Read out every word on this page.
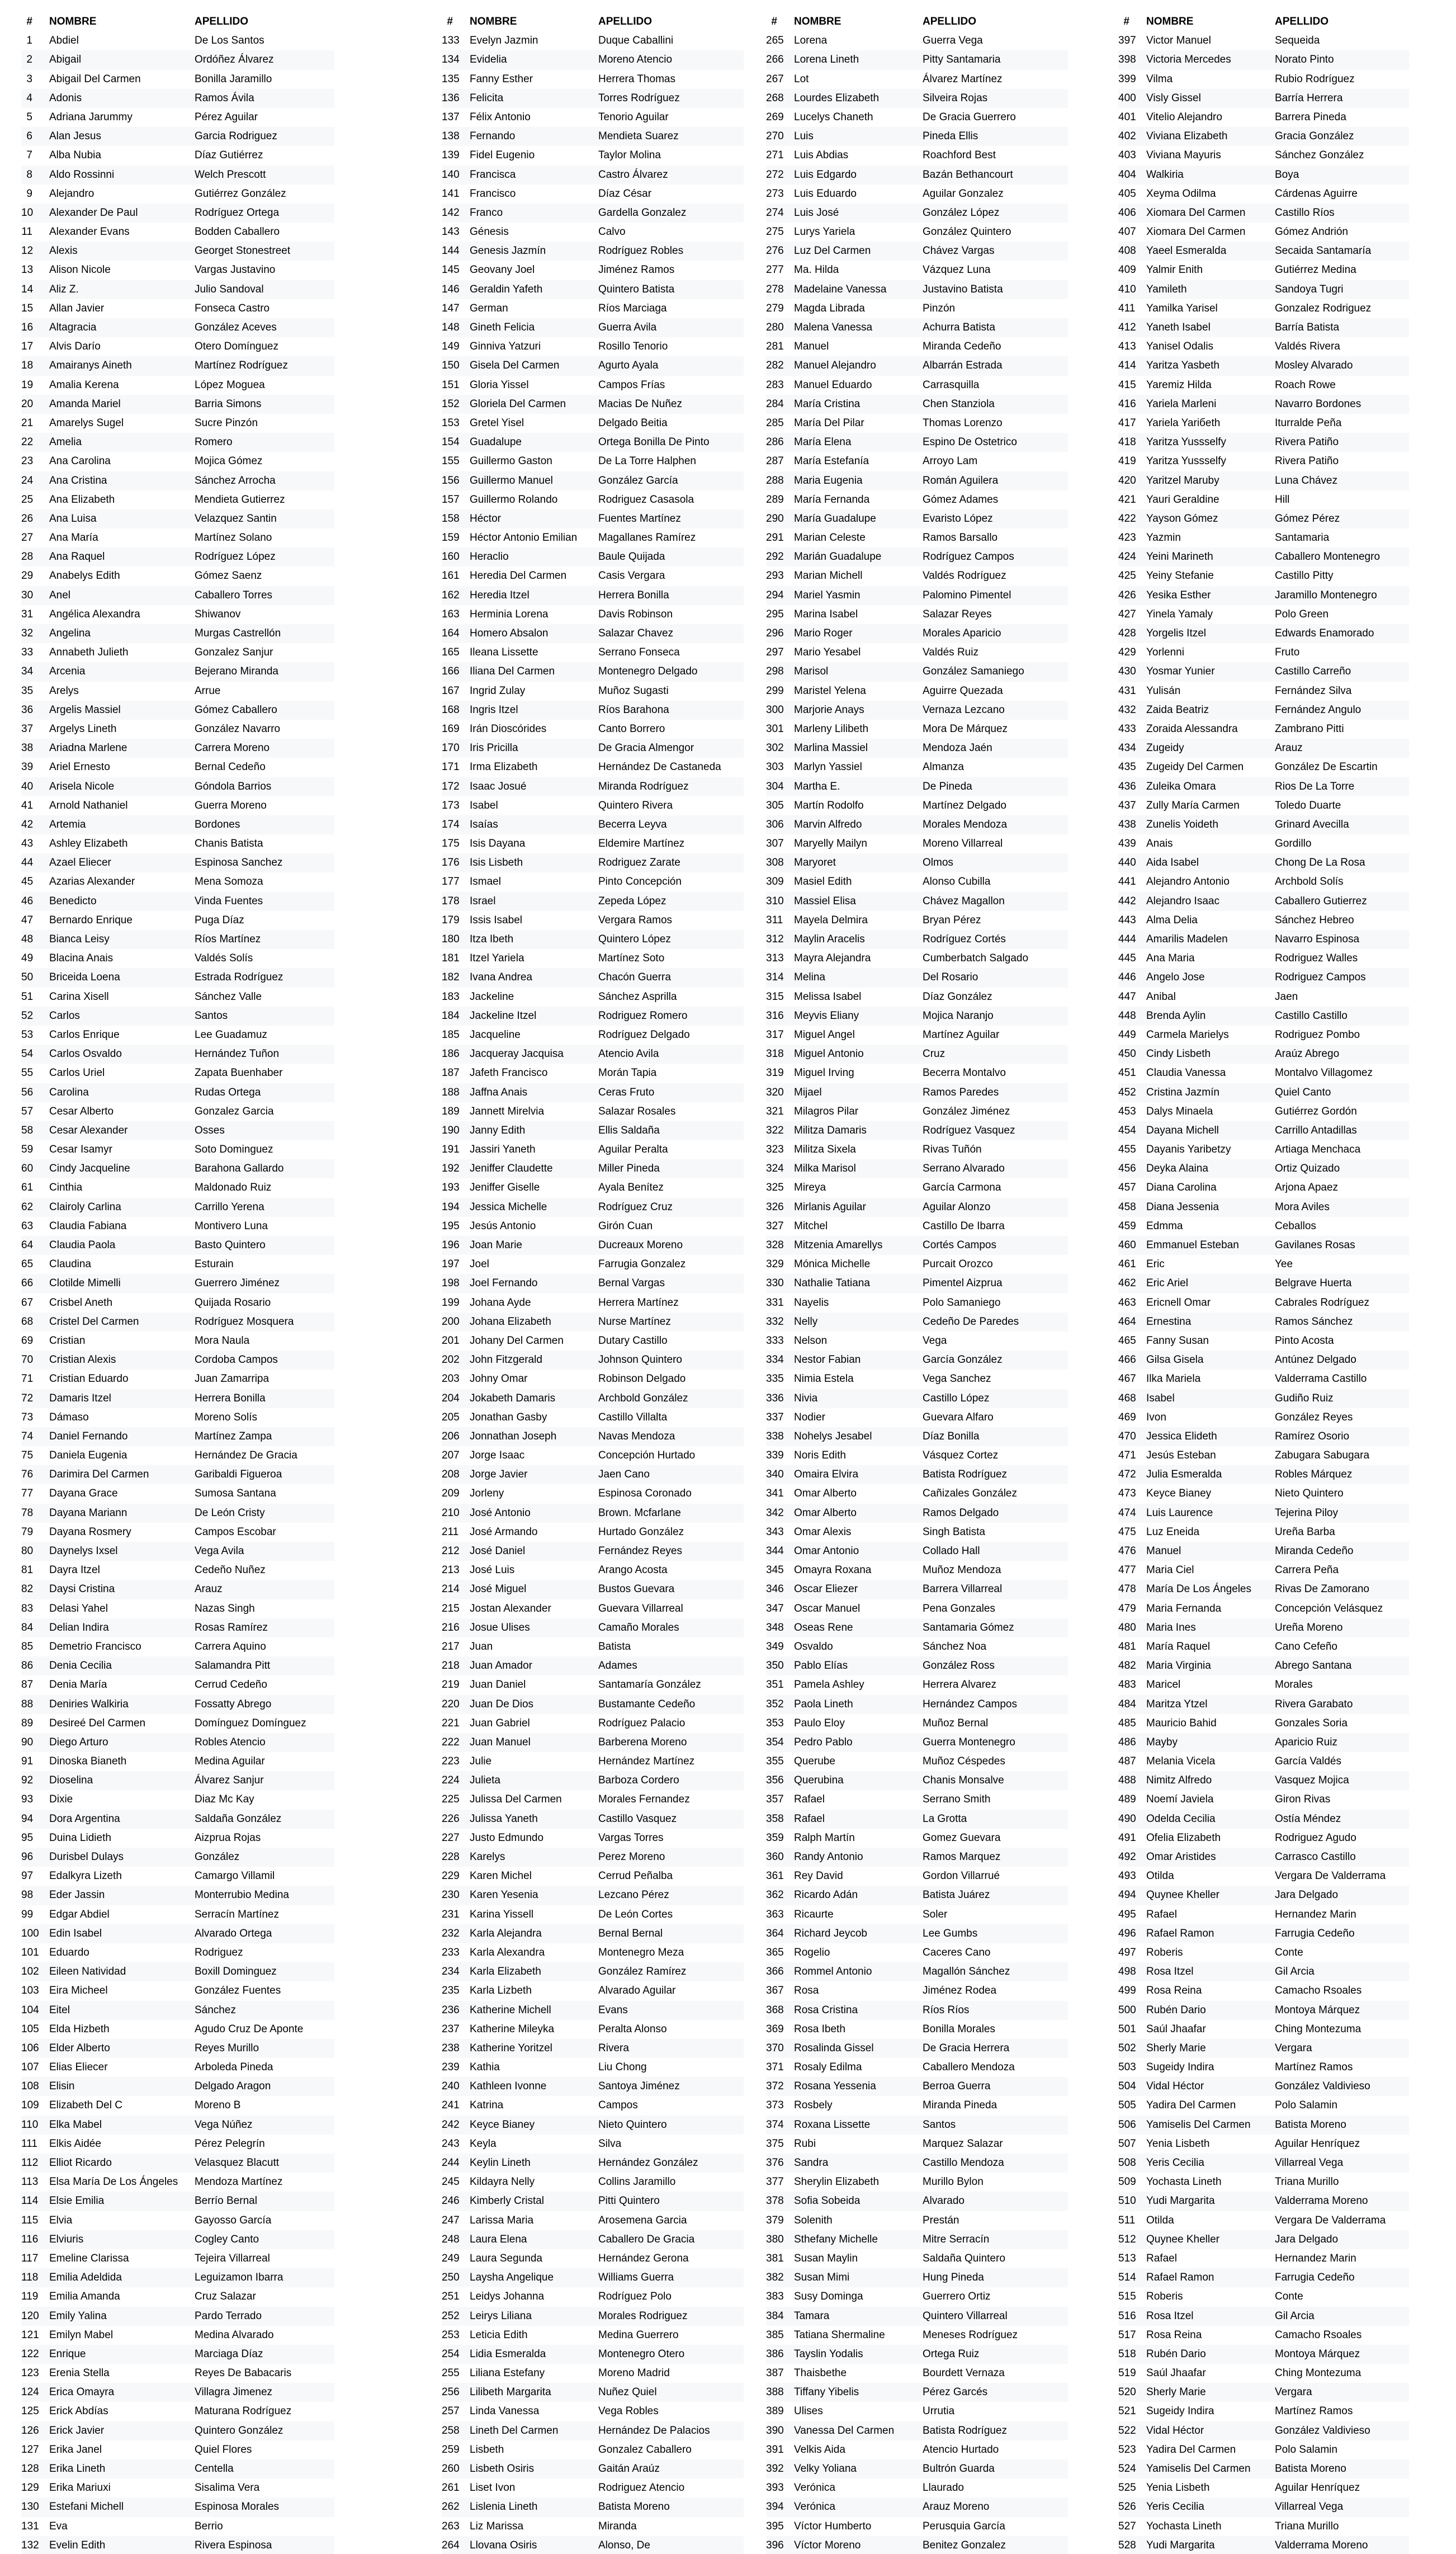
#	NOMBRE	APELLIDO
1	Abdiel	De Los Santos
2	Abigail	Ordóñez Álvarez
3	Abigail Del Carmen	Bonilla Jaramillo
4	Adonis	Ramos Ávila
5	Adriana Jarummy	Pérez Aguilar
6	Alan Jesus	Garcia Rodriguez
7	Alba Nubia	Díaz Gutiérrez
8	Aldo Rossinni	Welch Prescott
9	Alejandro	Gutiérrez González
10	Alexander De Paul	Rodríguez Ortega
11	Alexander Evans	Bodden Caballero
12	Alexis	Georget Stonestreet
13	Alison Nicole	Vargas Justavino
14	Aliz Z.	Julio Sandoval
15	Allan Javier	Fonseca Castro
16	Altagracia	González Aceves
17	Alvis Darío	Otero Domínguez
18	Amairanys Aineth	Martínez Rodríguez
19	Amalia Kerena	López Moguea
20	Amanda Mariel	Barria Simons
21	Amarelys Sugel	Sucre Pinzón
22	Amelia	Romero
23	Ana Carolina	Mojica Gómez
24	Ana Cristina	Sánchez Arrocha
25	Ana Elizabeth	Mendieta Gutierrez
26	Ana Luisa	Velazquez Santin
27	Ana María	Martínez Solano
28	Ana Raquel	Rodríguez López
29	Anabelys Edith	Gómez Saenz
30	Anel	Caballero Torres
31	Angélica Alexandra	Shiwanov
32	Angelina	Murgas Castrellón
33	Annabeth Julieth	Gonzalez Sanjur
34	Arcenia	Bejerano Miranda
35	Arelys	Arrue
36	Argelis Massiel	Gómez Caballero
37	Argelys Lineth	González Navarro
38	Ariadna Marlene	Carrera Moreno
39	Ariel Ernesto	Bernal Cedeño
40	Arisela Nicole	Góndola Barrios
41	Arnold Nathaniel	Guerra Moreno
42	Artemia	Bordones
43	Ashley Elizabeth	Chanis Batista
44	Azael Eliecer	Espinosa Sanchez
45	Azarias Alexander	Mena Somoza
46	Benedicto	Vinda Fuentes
47	Bernardo Enrique	Puga Díaz
48	Bianca Leisy	Ríos Martínez
49	Blacina Anais	Valdés Solís
50	Briceida Loena	Estrada Rodríguez
51	Carina Xisell	Sánchez Valle
52	Carlos	Santos
53	Carlos Enrique	Lee Guadamuz
54	Carlos Osvaldo	Hernández Tuñon
55	Carlos Uriel	Zapata Buenhaber
56	Carolina	Rudas Ortega
57	Cesar Alberto	Gonzalez Garcia
58	Cesar Alexander	Osses
59	Cesar Isamyr	Soto Dominguez
60	Cindy Jacqueline	Barahona Gallardo
61	Cinthia	Maldonado Ruiz
62	Clairoly Carlina	Carrillo Yerena
63	Claudia Fabiana	Montivero Luna
64	Claudia Paola	Basto Quintero
65	Claudina	Esturain
66	Clotilde Mimelli	Guerrero Jiménez
67	Crisbel Aneth	Quijada Rosario
68	Cristel Del Carmen	Rodríguez Mosquera
69	Cristian	Mora Naula
70	Cristian Alexis	Cordoba Campos
71	Cristian Eduardo	Juan Zamarripa
72	Damaris Itzel	Herrera Bonilla
73	Dámaso	Moreno Solís
74	Daniel Fernando	Martínez Zampa
75	Daniela Eugenia	Hernández De Gracia
76	Darimira Del Carmen	Garibaldi Figueroa
77	Dayana Grace	Sumosa Santana
78	Dayana Mariann	De León Cristy
79	Dayana Rosmery	Campos Escobar
80	Daynelys Ixsel	Vega Avila
81	Dayra Itzel	Cedeño Nuñez
82	Daysi Cristina	Arauz
83	Delasi Yahel	Nazas Singh
84	Delian Indira	Rosas Ramírez
85	Demetrio Francisco	Carrera Aquino
86	Denia Cecilia	Salamandra Pitt
87	Denia María	Cerrud Cedeño
88	Deniries Walkiria	Fossatty Abrego
89	Desireé Del Carmen	Domínguez Domínguez
90	Diego Arturo	Robles Atencio
91	Dinoska Bianeth	Medina Aguilar
92	Dioselina	Álvarez Sanjur
93	Dixie	Diaz Mc Kay
94	Dora Argentina	Saldaña González
95	Duina Lidieth	Aizprua Rojas
96	Durisbel Dulays	González
97	Edalkyra Lizeth	Camargo Villamil
98	Eder Jassin	Monterrubio Medina
99	Edgar Abdiel	Serracín Martínez
100 Edin Isabel	Alvarado Ortega
101 Eduardo	Rodriguez
102 Eileen Natividad	Boxill Dominguez
103 Eira Micheel	González Fuentes
104 Eitel	Sánchez
105 Elda Hizbeth	Agudo Cruz De Aponte
106 Elder Alberto	Reyes Murillo
107 Elias Eliecer	Arboleda Pineda
108 Elisin	Delgado Aragon
109 Elizabeth Del C	Moreno B
110	Elka Mabel	Vega Núñez
111	Elkis Aidée	Pérez Pelegrín
112	Elliot Ricardo	Velasquez Blacutt
113	Elsa María De Los Ángeles	Mendoza Martínez
114	Elsie Emilia	Berrío Bernal
115	Elvia	Gayosso García
116	Elviuris	Cogley Canto
117	Emeline Clarissa	Tejeira Villarreal
118	Emilia Adeldida	Leguizamon Ibarra
119	Emilia Amanda	Cruz Salazar
120 Emily Yalina	Pardo Terrado
121 Emilyn Mabel	Medina Alvarado
122 Enrique	Marciaga Díaz
123 Erenia Stella	Reyes De Babacaris
124 Erica Omayra	Villagra Jimenez
125 Erick Abdías	Maturana Rodríguez
126 Erick Javier	Quintero González
127 Erika Janel	Quiel Flores
128 Erika Lineth	Centella
129 Erika Mariuxi	Sisalima Vera
130 Estefani Michell	Espinosa Morales
131 Eva	Berrio
132 Evelin Edith	Rivera Espinosa
#	NOMBRE	APELLIDO
133 Evelyn Jazmin	Duque Caballini
134 Evidelia	Moreno Atencio
135 Fanny Esther	Herrera Thomas
136 Felicita	Torres Rodríguez
137 Félix Antonio	Tenorio Aguilar
138 Fernando	Mendieta Suarez
139 Fidel Eugenio	Taylor Molina
140 Francisca	Castro Álvarez
141 Francisco	Díaz César
142 Franco	Gardella Gonzalez
143 Génesis	Calvo
144 Genesis Jazmín	Rodríguez Robles
145 Geovany Joel	Jiménez Ramos
146 Geraldin Yafeth	Quintero Batista
147 German	Ríos Marciaga
148 Gineth Felicia	Guerra Avila
149 Ginniva Yatzuri	Rosillo Tenorio
150 Gisela Del Carmen	Agurto Ayala
151 Gloria Yissel	Campos Frías
152 Gloriela Del Carmen	Macias De Nuñez
153 Gretel Yisel	Delgado Beitia
154 Guadalupe	Ortega Bonilla De Pinto
155 Guillermo Gaston	De La Torre Halphen
156 Guillermo Manuel	González García
157 Guillermo Rolando	Rodriguez Casasola
158 Héctor	Fuentes Martínez
159 Héctor Antonio Emilian	Magallanes Ramírez
160 Heraclio	Baule Quijada
161 Heredia Del Carmen	Casis Vergara
162 Heredia Itzel	Herrera Bonilla
163 Herminia Lorena	Davis Robinson
164 Homero Absalon	Salazar Chavez
165 Ileana Lissette	Serrano Fonseca
166 Iliana Del Carmen	Montenegro Delgado
167 Ingrid Zulay	Muñoz Sugasti
168 Ingris Itzel	Ríos Barahona
169 Irán Dioscórides	Canto Borrero
170 Iris Pricilla	De Gracia Almengor
171 Irma Elizabeth	Hernández De Castaneda
172 Isaac Josué	Miranda Rodríguez
173 Isabel	Quintero Rivera
174 Isaías	Becerra Leyva
175 Isis Dayana	Eldemire Martínez
176 Isis Lisbeth	Rodriguez Zarate
177 Ismael	Pinto Concepción
178 Israel	Zepeda López
179 Issis Isabel	Vergara Ramos
180 Itza Ibeth	Quintero López
181 Itzel Yariela	Martínez Soto
182 Ivana Andrea	Chacón Guerra
183 Jackeline	Sánchez Asprilla
184 Jackeline Itzel	Rodriguez Romero
185 Jacqueline	Rodríguez Delgado
186 Jacqueray Jacquisa	Atencio Avila
187 Jafeth Francisco	Morán Tapia
188 Jaffna Anais	Ceras Fruto
189 Jannett Mirelvia	Salazar Rosales
190 Janny Edith	Ellis Saldaña
191 Jassiri Yaneth	Aguilar Peralta
192 Jeniffer Claudette	Miller Pineda
193 Jeniffer Giselle	Ayala Benítez
194 Jessica Michelle	Rodríguez Cruz
195 Jesús Antonio	Girón Cuan
196 Joan Marie	Ducreaux Moreno
197 Joel	Farrugia Gonzalez
198 Joel Fernando	Bernal Vargas
199 Johana Ayde	Herrera Martínez
200 Johana Elizabeth	Nurse Martínez
201 Johany Del Carmen	Dutary Castillo
202 John Fitzgerald	Johnson Quintero
203 Johny Omar	Robinson Delgado
204 Jokabeth Damaris	Archbold González
205 Jonathan Gasby	Castillo Villalta
206 Jonnathan Joseph	Navas Mendoza
207 Jorge Isaac	Concepción Hurtado
208 Jorge Javier	Jaen Cano
209 Jorleny	Espinosa Coronado
210 José Antonio	Brown. Mcfarlane
211	José Armando	Hurtado González
212 José Daniel	Fernández Reyes
213 José Luis	Arango Acosta
214 José Miguel	Bustos Guevara
215 Jostan Alexander	Guevara Villarreal
216 Josue Ulises	Camaño Morales
217 Juan	Batista
218 Juan Amador	Adames
219 Juan Daniel	Santamaría González
220 Juan De Dios	Bustamante Cedeño
221 Juan Gabriel	Rodríguez Palacio
222 Juan Manuel	Barberena Moreno
223 Julie	Hernández Martínez
224 Julieta	Barboza Cordero
225 Julissa Del Carmen	Morales Fernandez
226 Julissa Yaneth	Castillo Vasquez
227 Justo Edmundo	Vargas Torres
228 Karelys	Perez Moreno
229 Karen Michel	Cerrud Peñalba
230 Karen Yesenia	Lezcano Pérez
231 Karina Yissell	De León Cortes
232 Karla Alejandra	Bernal Bernal
233 Karla Alexandra	Montenegro Meza
234 Karla Elizabeth	González Ramírez
235 Karla Lizbeth	Alvarado Aguilar
236 Katherine Michell	Evans
237 Katherine Mileyka	Peralta Alonso
238 Katherine Yoritzel	Rivera
239 Kathia	Liu Chong
240 Kathleen Ivonne	Santoya Jiménez
241 Katrina	Campos
242 Keyce Bianey	Nieto Quintero
243 Keyla	Silva
244 Keylin Lineth	Hernández González
245 Kildayra Nelly	Collins Jaramillo
246 Kimberly Cristal	Pitti Quintero
247 Larissa Maria	Arosemena Garcia
248 Laura Elena	Caballero De Gracia
249 Laura Segunda	Hernández Gerona
250 Laysha Angelique	Williams Guerra
251 Leidys Johanna	Rodríguez Polo
252 Leirys Liliana	Morales Rodriguez
253 Leticia Edith	Medina Guerrero
254 Lidia Esmeralda	Montenegro Otero
255 Liliana Estefany	Moreno Madrid
256 Lilibeth Margarita	Nuñez Quiel
257 Linda Vanessa	Vega Robles
258 Lineth Del Carmen	Hernández De Palacios
259 Lisbeth	Gonzalez Caballero
260 Lisbeth Osiris	Gaitán Araúz
261 Liset Ivon	Rodriguez Atencio
262 Lislenia Lineth	Batista Moreno
263 Liz Marissa	Miranda
264 Llovana Osiris	Alonso, De
#	NOMBRE	APELLIDO
265 Lorena	Guerra Vega
266 Lorena Lineth	Pitty Santamaria
267 Lot	Álvarez Martínez
268 Lourdes Elizabeth	Silveira Rojas
269 Lucelys Chaneth	De Gracia Guerrero
270 Luis	Pineda Ellis
271 Luis Abdias	Roachford Best
272 Luis Edgardo	Bazán Bethancourt
273 Luis Eduardo	Aguilar Gonzalez
274 Luis José	González López
275 Lurys Yariela	González Quintero
276 Luz Del Carmen	Chávez Vargas
277 Ma. Hilda	Vázquez Luna
278 Madelaine Vanessa	Justavino Batista
279 Magda Librada	Pinzón
280 Malena Vanessa	Achurra Batista
281 Manuel	Miranda Cedeño
282 Manuel Alejandro	Albarrán Estrada
283 Manuel Eduardo	Carrasquilla
284 María Cristina	Chen Stanziola
285 María Del Pilar	Thomas Lorenzo
286 María Elena	Espino De Ostetrico
287 María Estefanía	Arroyo Lam
288 Maria Eugenia	Román Aguilera
289 María Fernanda	Gómez Adames
290 María Guadalupe	Evaristo López
291 Marian Celeste	Ramos Barsallo
292 Marián Guadalupe	Rodríguez Campos
293 Marian Michell	Valdés Rodríguez
294 Mariel Yasmin	Palomino Pimentel
295 Marina Isabel	Salazar Reyes
296 Mario Roger	Morales Aparicio
297 Mario Yesabel	Valdés Ruiz
298 Marisol	González Samaniego
299 Maristel Yelena	Aguirre Quezada
300 Marjorie Anays	Vernaza Lezcano
301 Marleny Lilibeth	Mora De Márquez
302 Marlina Massiel	Mendoza Jaén
303 Marlyn Yassiel	Almanza
304 Martha E.	De Pineda
305 Martín Rodolfo	Martínez Delgado
306 Marvin Alfredo	Morales Mendoza
307 Maryelly Mailyn	Moreno Villarreal
308 Maryoret	Olmos
309 Masiel Edith	Alonso Cubilla
310 Massiel Elisa	Chávez Magallon
311	Mayela Delmira	Bryan Pérez
312 Maylin Aracelis	Rodríguez Cortés
313 Mayra Alejandra	Cumberbatch Salgado
314 Melina	Del Rosario
315 Melissa Isabel	Díaz González
316 Meyvis Eliany	Mojica Naranjo
317 Miguel Angel	Martínez Aguilar
318 Miguel Antonio	Cruz
319 Miguel Irving	Becerra Montalvo
320 Mijael	Ramos Paredes
321 Milagros Pilar	González Jiménez
322 Militza Damaris	Rodríguez Vasquez
323 Militza Sixela	Rivas Tuñón
324 Milka Marisol	Serrano Alvarado
325 Mireya	García Carmona
326 Mirlanis Aguilar	Aguilar Alonzo
327 Mitchel	Castillo De Ibarra
328 Mitzenia Amarellys	Cortés Campos
329 Mónica Michelle	Purcait Orozco
330 Nathalie Tatiana	Pimentel Aizprua
331 Nayelis	Polo Samaniego
332 Nelly	Cedeño De Paredes
333 Nelson	Vega
334 Nestor Fabian	García González
335 Nimia Estela	Vega Sanchez
336 Nivia	Castillo López
337 Nodier	Guevara Alfaro
338 Nohelys Jesabel	Díaz Bonilla
339 Noris Edith	Vásquez Cortez
340 Omaira Elvira	Batista Rodríguez
341 Omar Alberto	Cañizales González
342 Omar Alberto	Ramos Delgado
343 Omar Alexis	Singh Batista
344 Omar Antonio	Collado Hall
345 Omayra Roxana	Muñoz Mendoza
346 Oscar Eliezer	Barrera Villarreal
347 Oscar Manuel	Pena Gonzales
348 Oseas Rene	Santamaria Gómez
349 Osvaldo	Sánchez Noa
350 Pablo Elías	González Ross
351 Pamela Ashley	Herrera Alvarez
352 Paola Lineth	Hernández Campos
353 Paulo Eloy	Muñoz Bernal
354 Pedro Pablo	Guerra Montenegro
355 Querube	Muñoz Céspedes
356 Querubina	Chanis Monsalve
357 Rafael	Serrano Smith
358 Rafael	La Grotta
359 Ralph Martín	Gomez Guevara
360 Randy Antonio	Ramos Marquez
361 Rey David	Gordon Villarrué
362 Ricardo Adán	Batista Juárez
363 Ricaurte	Soler
364 Richard Jeycob	Lee Gumbs
365 Rogelio	Caceres Cano
366 Rommel Antonio	Magallón Sánchez
367 Rosa	Jiménez Rodea
368 Rosa Cristina	Ríos Ríos
369 Rosa Ibeth	Bonilla Morales
370 Rosalinda Gissel	De Gracia Herrera
371 Rosaly Edilma	Caballero Mendoza
372 Rosana Yessenia	Berroa Guerra
373 Rosbely	Miranda Pineda
374 Roxana Lissette	Santos
375 Rubi	Marquez Salazar
376 Sandra	Castillo Mendoza
377 Sherylin Elizabeth	Murillo Bylon
378 Sofia Sobeida	Alvarado
379 Solenith	Prestán
380 Sthefany Michelle	Mitre Serracín
381 Susan Maylin	Saldaña Quintero
382 Susan Mimi	Hung Pineda
383 Susy Dominga	Guerrero Ortiz
384 Tamara	Quintero Villarreal
385 Tatiana Shermaline	Meneses Rodríguez
386 Tayslin Yodalis	Ortega Ruiz
387 Thaisbethe	Bourdett Vernaza
388 Tiffany Yibelis	Pérez Garcés
389 Ulises	Urrutia
390 Vanessa Del Carmen	Batista Rodríguez
391 Velkis Aida	Atencio Hurtado
392 Velky Yoliana	Bultrón Guarda
393 Verónica	Llaurado
394 Verónica	Arauz Moreno
395 Víctor Humberto	Perusquia García
396 Víctor Moreno	Benitez Gonzalez
#	NOMBRE	APELLIDO
397 Victor Manuel	Sequeida
398 Victoria Mercedes	Norato Pinto
399 Vilma	Rubio Rodríguez
400 Visly Gissel	Barría Herrera
401 Vitelio Alejandro	Barrera Pineda
402 Viviana Elizabeth	Gracia González
403 Viviana Mayuris	Sánchez González
404 Walkiria	Boya
405 Xeyma Odilma	Cárdenas Aguirre
406 Xiomara Del Carmen	Castillo Ríos
407 Xiomara Del Carmen	Gómez Andrión
408 Yaeel Esmeralda	Secaida Santamaría
409 Yalmir Enith	Gutiérrez Medina
410 Yamileth	Sandoya Tugri
411	Yamilka Yarisel	Gonzalez Rodriguez
412 Yaneth Isabel	Barría Batista
413 Yanisel Odalis	Valdés Rivera
414 Yaritza Yasbeth	Mosley Alvarado
415 Yaremiz Hilda	Roach Rowe
416 Yariela Marleni	Navarro Bordones
417 Yariela Yarібeth	Iturralde Peña
418 Yaritza Yussselfy	Rivera Patiño
419 Yaritza Yussselfy	Rivera Patiño
420 Yaritzel Maruby	Luna Chávez
421 Yauri Geraldine	Hill
422 Yayson Gómez	Gómez Pérez
423 Yazmin	Santamaria
424 Yeini Marineth	Caballero Montenegro
425 Yeiny Stefanie	Castillo Pitty
426 Yesika Esther	Jaramillo Montenegro
427 Yinela Yamaly	Polo Green
428 Yorgelis Itzel	Edwards Enamorado
429 Yorlenni	Fruto
430 Yosmar Yunier	Castillo Carreño
431 Yulisán	Fernández Silva
432 Zaida Beatriz	Fernández Angulo
433 Zoraida Alessandra	Zambrano Pitti
434 Zugeidy	Arauz
435 Zugeidy Del Carmen	González De Escartin
436 Zuleika Omara	Rios De La Torre
437 Zully María Carmen	Toledo Duarte
438 Zunelis Yoideth	Grinard Avecilla
439 Anais	Gordillo
440 Aida Isabel	Chong De La Rosa
441 Alejandro Antonio	Archbold Solís
442 Alejandro Isaac	Caballero Gutierrez
443 Alma Delia	Sánchez Hebreo
444 Amarilis Madelen	Navarro Espinosa
445 Ana Maria	Rodriguez Walles
446 Angelo Jose	Rodriguez Campos
447 Anibal	Jaen
448 Brenda Aylin	Castillo Castillo
449 Carmela Marielys	Rodriguez Pombo
450 Cindy Lisbeth	Araúz Abrego
451 Claudia Vanessa	Montalvo Villagomez
452 Cristina Jazmín	Quiel Canto
453 Dalys Minaela	Gutiérrez Gordón
454 Dayana Michell	Carrillo Antadillas
455 Dayanis Yaribetzy	Artiaga Menchaca
456 Deyka Alaina	Ortiz Quizado
457 Diana Carolina	Arjona Apaez
458 Diana Jessenia	Mora Aviles
459 Edmma	Ceballos
460 Emmanuel Esteban	Gavilanes Rosas
461 Eric	Yee
462 Eric Ariel	Belgrave Huerta
463 Ericnell Omar	Cabrales Rodríguez
464 Ernestina	Ramos Sánchez
465 Fanny Susan	Pinto Acosta
466 Gilsa Gisela	Antúnez Delgado
467 Ilka Mariela	Valderrama Castillo
468 Isabel	Gudiño Ruiz
469 Ivon	González Reyes
470 Jessica Elideth	Ramírez Osorio
471 Jesús Esteban	Zabugara Sabugara
472 Julia Esmeralda	Robles Márquez
473 Keyce Bianey	Nieto Quintero
474 Luis Laurence	Tejerina Piloy
475 Luz Eneida	Ureña Barba
476 Manuel	Miranda Cedeño
477 Maria Ciel	Carrera Peña
478 María De Los Ángeles	Rivas De Zamorano
479 Maria Fernanda	Concepción Velásquez
480 Maria Ines	Ureña Moreno
481 María Raquel	Cano Cefeño
482 Maria Virginia	Abrego Santana
483 Maricel	Morales
484 Maritza Ytzel	Rivera Garabato
485 Mauricio Bahid	Gonzales Soria
486 Mayby	Aparicio Ruiz
487 Melania Vicela	García Valdés
488 Nimitz Alfredo	Vasquez Mojica
489 Noemí Javiela	Giron Rivas
490 Odelda Cecilia	Ostía Méndez
491 Ofelia Elizabeth	Rodriguez Agudo
492 Omar Aristides	Carrasco Castillo
493 Otilda	Vergara De Valderrama
494 Quynee Kheller	Jara Delgado
495 Rafael	Hernandez Marin
496 Rafael Ramon	Farrugia Cedeño
497 Roberis	Conte
498 Rosa Itzel	Gil Arcia
499 Rosa Reina	Camacho Rsoales
500 Rubén Dario	Montoya Márquez
501 Saúl Jhaafar	Ching Montezuma
502 Sherly Marie	Vergara
503 Sugeidy Indira	Martínez Ramos
504 Vidal Héctor	González Valdivieso
505 Yadira Del Carmen	Polo Salamin
506 Yamiselis Del Carmen	Batista Moreno
507 Yenia Lisbeth	Aguilar Henríquez
508 Yeris Cecilia	Villarreal Vega
509 Yochasta Lineth	Triana Murillo
510 Yudi Margarita	Valderrama Moreno
511	Otilda	Vergara De Valderrama
512 Quynee Kheller	Jara Delgado
513 Rafael	Hernandez Marin
514 Rafael Ramon	Farrugia Cedeño
515 Roberis	Conte
516 Rosa Itzel	Gil Arcia
517 Rosa Reina	Camacho Rsoales
518 Rubén Dario	Montoya Márquez
519 Saúl Jhaafar	Ching Montezuma
520 Sherly Marie	Vergara
521 Sugeidy Indira	Martínez Ramos
522 Vidal Héctor	González Valdivieso
523 Yadira Del Carmen	Polo Salamin
524 Yamiselis Del Carmen	Batista Moreno
525 Yenia Lisbeth	Aguilar Henríquez
526 Yeris Cecilia	Villarreal Vega
527 Yochasta Lineth	Triana Murillo
528 Yudi Margarita	Valderrama Moreno
